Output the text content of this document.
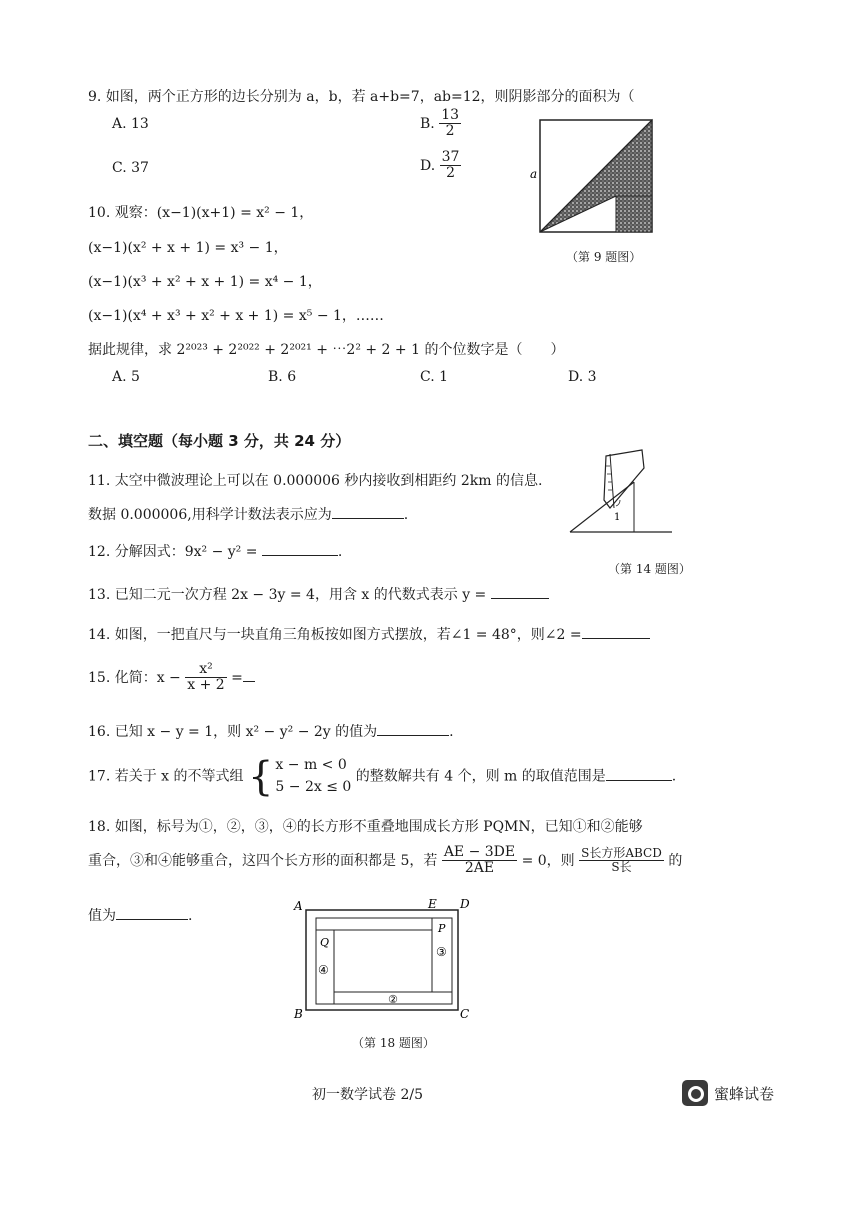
9. 如图，两个正方形的边长分别为 a，b，若 a+b=7，ab=12，则阴影部分的面积为（
A. 13	B. $\frac{13}{2}$
C. 37	D. $\frac{37}{2}$	a
（第 9 题图）
10. 观察：(x−1)(x+1) = x² − 1，
(x−1)(x² + x + 1) = x³ − 1，
(x−1)(x³ + x² + x + 1) = x⁴ − 1，
(x−1)(x⁴ + x³ + x² + x + 1) = x⁵ − 1，……
据此规律，求 2²⁰²³ + 2²⁰²² + 2²⁰²¹ + ⋯2² + 2 + 1 的个位数字是（　　）
A. 5	B. 6	C. 1	D. 3
二、填空题（每小题 3 分，共 24 分）
11. 太空中微波理论上可以在 0.000006 秒内接收到相距约 2km 的信息.
数据 0.000006,用科学计数法表示应为	.	1
（第 14 题图）
12. 分解因式：9x² − y² =	.
13. 已知二元一次方程 2x − 3y = 4，用含 x 的代数式表示 y =
14. 如图，一把直尺与一块直角三角板按如图方式摆放，若∠1 = 48°，则∠2 =
15. 化简：$x - \frac{\text{x²}}{x + 2}$ =
16. 已知 x − y = 1，则 x² − y² − 2y 的值为	.
17. 若关于 x 的不等式组 { x − m < 0
5 − 2x ≤ 0
的整数解共有 4 个，则 m 的取值范围是	.
18. 如图，标号为①，②，③，④的长方形不重叠地围成长方形 PQMN，已知①和②能够
重合，③和④能够重合，这四个长方形的面积都是 5，若 $\frac{AE - 3DE}{2AE} = 0$，则 $\frac{\text{S长方形ABCD}}{\text{S长}}$ 的
值为	.
A
B	C
D
E
Q
P
④
③
②
（第 18 题图）
初一数学试卷 2/5	蜜蜂试卷
